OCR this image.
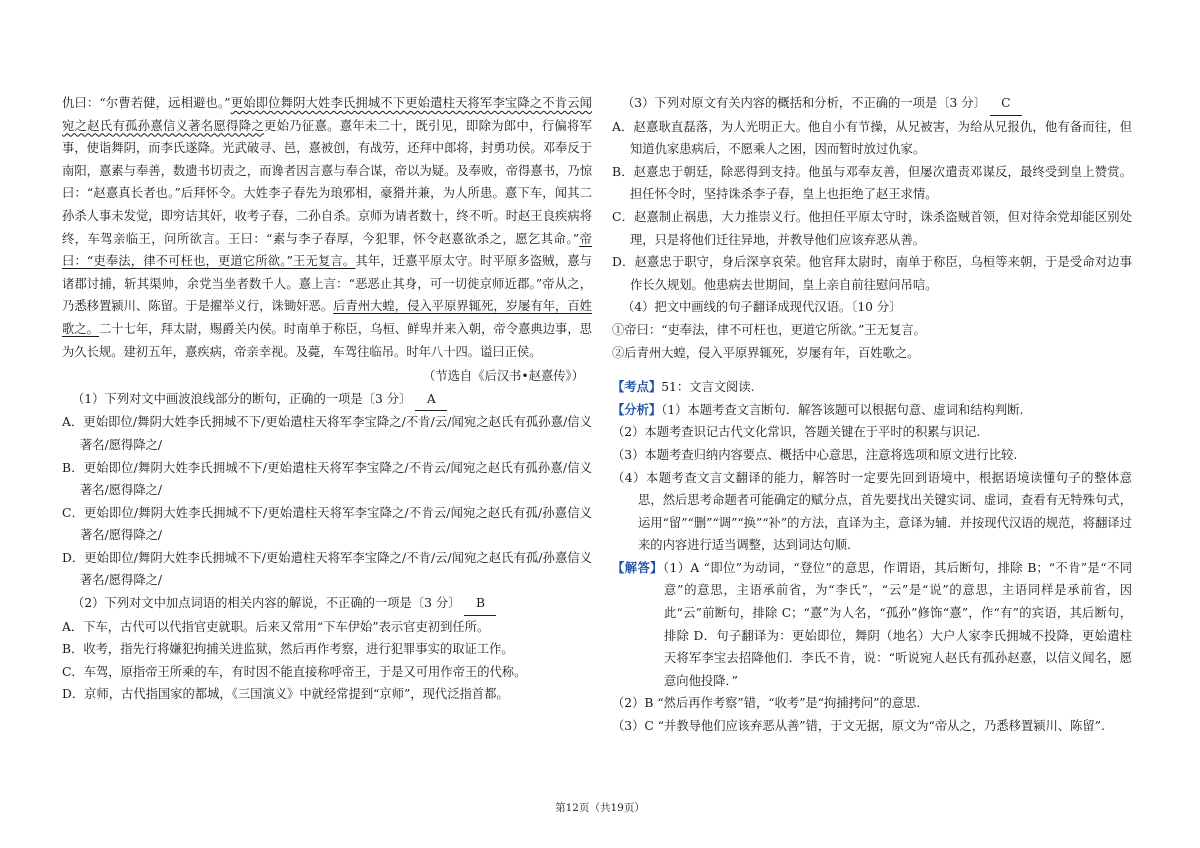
仇曰：“尔曹若健，远相避也。”更始即位舞阴大姓李氏拥城不下更始遣柱天将军李宝降之不肯云闻宛之赵氏有孤孙憙信义著名愿得降之更始乃征憙。憙年未二十，既引见，即除为郎中，行偏将军事，使诣舞阴，而李氏遂降。光武破寻、邑，憙被创，有战劳，还拜中郎将，封勇功侯。邓奉反于南阳，憙素与奉善，数遗书切责之，而谗者因言憙与奉合谋，帝以为疑。及奉败，帝得憙书，乃惊曰：“赵憙真长者也。”后拜怀令。大姓李子春先为琅邪相，豪猾并兼，为人所患。憙下车，闻其二孙杀人事未发觉，即穷诘其奸，收考子春，二孙自杀。京师为请者数十，终不听。时赵王良疾病将终，车驾亲临王，问所欲言。王曰：“素与李子春厚，今犯罪，怀令赵憙欲杀之，愿乞其命。”帝曰：“吏奉法，律不可枉也，更道它所欲。”王无复言。其年，迁憙平原太守。时平原多盗贼，憙与诸郡讨捕，斩其渠帅，余党当坐者数千人。憙上言：“恶恶止其身，可一切徙京师近郡。”帝从之，乃悉移置颍川、陈留。于是擢举义行，诛锄奸恶。后青州大蝗，侵入平原界辄死，岁屡有年，百姓歌之。二十七年，拜太尉，赐爵关内侯。时南单于称臣，乌桓、鲜卑并来入朝，帝令憙典边事，思为久长规。建初五年，憙疾病，帝亲幸视。及薨，车驾往临吊。时年八十四。谥曰正侯。

（节选自《后汉书•赵憙传》）

（1）下列对文中画波浪线部分的断句，正确的一项是〔3 分〕 A

A．更始即位/舞阴大姓李氏拥城不下/更始遣柱天将军李宝降之/不肯/云/闻宛之赵氏有孤孙憙/信义著名/愿得降之/

B．更始即位/舞阴大姓李氏拥城不下/更始遣柱天将军李宝降之/不肯云/闻宛之赵氏有孤孙憙/信义著名/愿得降之/

C．更始即位/舞阴大姓李氏拥城不下/更始遣柱天将军李宝降之/不肯云/闻宛之赵氏有孤/孙憙信义著名/愿得降之/

D．更始即位/舞阴大姓李氏拥城不下/更始遣柱天将军李宝降之/不肯/云/闻宛之赵氏有孤/孙憙信义著名/愿得降之/

（2）下列对文中加点词语的相关内容的解说，不正确的一项是〔3 分〕 B

A．下车，古代可以代指官吏就职。后来又常用“下车伊始”表示官吏初到任所。

B．收考，指先行将嫌犯拘捕关进监狱，然后再作考察，进行犯罪事实的取证工作。

C．车驾，原指帝王所乘的车，有时因不能直接称呼帝王，于是又可用作帝王的代称。

D．京师，古代指国家的都城，《三国演义》中就经常提到“京师”，现代泛指首都。

（3）下列对原文有关内容的概括和分析，不正确的一项是〔3 分〕 C

A．赵憙耿直磊落，为人光明正大。他自小有节操，从兄被害，为给从兄报仇，他有备而往，但知道仇家患病后，不愿乘人之困，因而暂时放过仇家。

B．赵憙忠于朝廷，除恶得到支持。他虽与邓奉友善，但屡次遣责邓谋反，最终受到皇上赞赏。担任怀令时，坚持诛杀李子春，皇上也拒绝了赵王求情。

C．赵憙制止祸患，大力推崇义行。他担任平原太守时，诛杀盗贼首领，但对待余党却能区别处理，只是将他们迁往异地，并教导他们应该弃恶从善。

D．赵憙忠于职守，身后深享哀荣。他官拜太尉时，南单于称臣，乌桓等来朝，于是受命对边事作长久规划。他患病去世期间，皇上亲自前往慰问吊唁。

（4）把文中画线的句子翻译成现代汉语。〔10 分〕

①帝曰：“吏奉法，律不可枉也，更道它所欲。”王无复言。

②后青州大蝗，侵入平原界辄死，岁屡有年，百姓歌之。

【考点】51：文言文阅读.

【分析】（1）本题考查文言断句．解答该题可以根据句意、虚词和结构判断.

（2）本题考查识记古代文化常识，答题关键在于平时的积累与识记.

（3）本题考查归纳内容要点、概括中心意思，注意将选项和原文进行比较.

（4）本题考查文言文翻译的能力，解答时一定要先回到语境中，根据语境读懂句子的整体意思，然后思考命题者可能确定的赋分点，首先要找出关键实词、虚词，查看有无特殊句式，运用“留”“删”“调”“换”“补”的方法，直译为主，意译为辅．并按现代汉语的规范，将翻译过来的内容进行适当调整，达到词达句顺.

【解答】（1）A “即位”为动词，“登位”的意思，作谓语，其后断句，排除 B；“不肯”是“不同意”的意思，主语承前省，为“李氏”，“云”是“说”的意思，主语同样是承前省，因此“云”前断句，排除 C；“憙”为人名，“孤孙”修饰“憙”，作“有”的宾语，其后断句，排除 D．句子翻译为：更始即位，舞阴（地名）大户人家李氏拥城不投降，更始遣柱天将军李宝去招降他们．李氏不肯，说：“听说宛人赵氏有孤孙赵憙，以信义闻名，愿意向他投降．”

（2）B “然后再作考察”错，“收考”是“拘捕拷问”的意思.

（3）C “并教导他们应该弃恶从善”错，于文无据，原文为“帝从之，乃悉移置颍川、陈留”.

第12页（共19页）
